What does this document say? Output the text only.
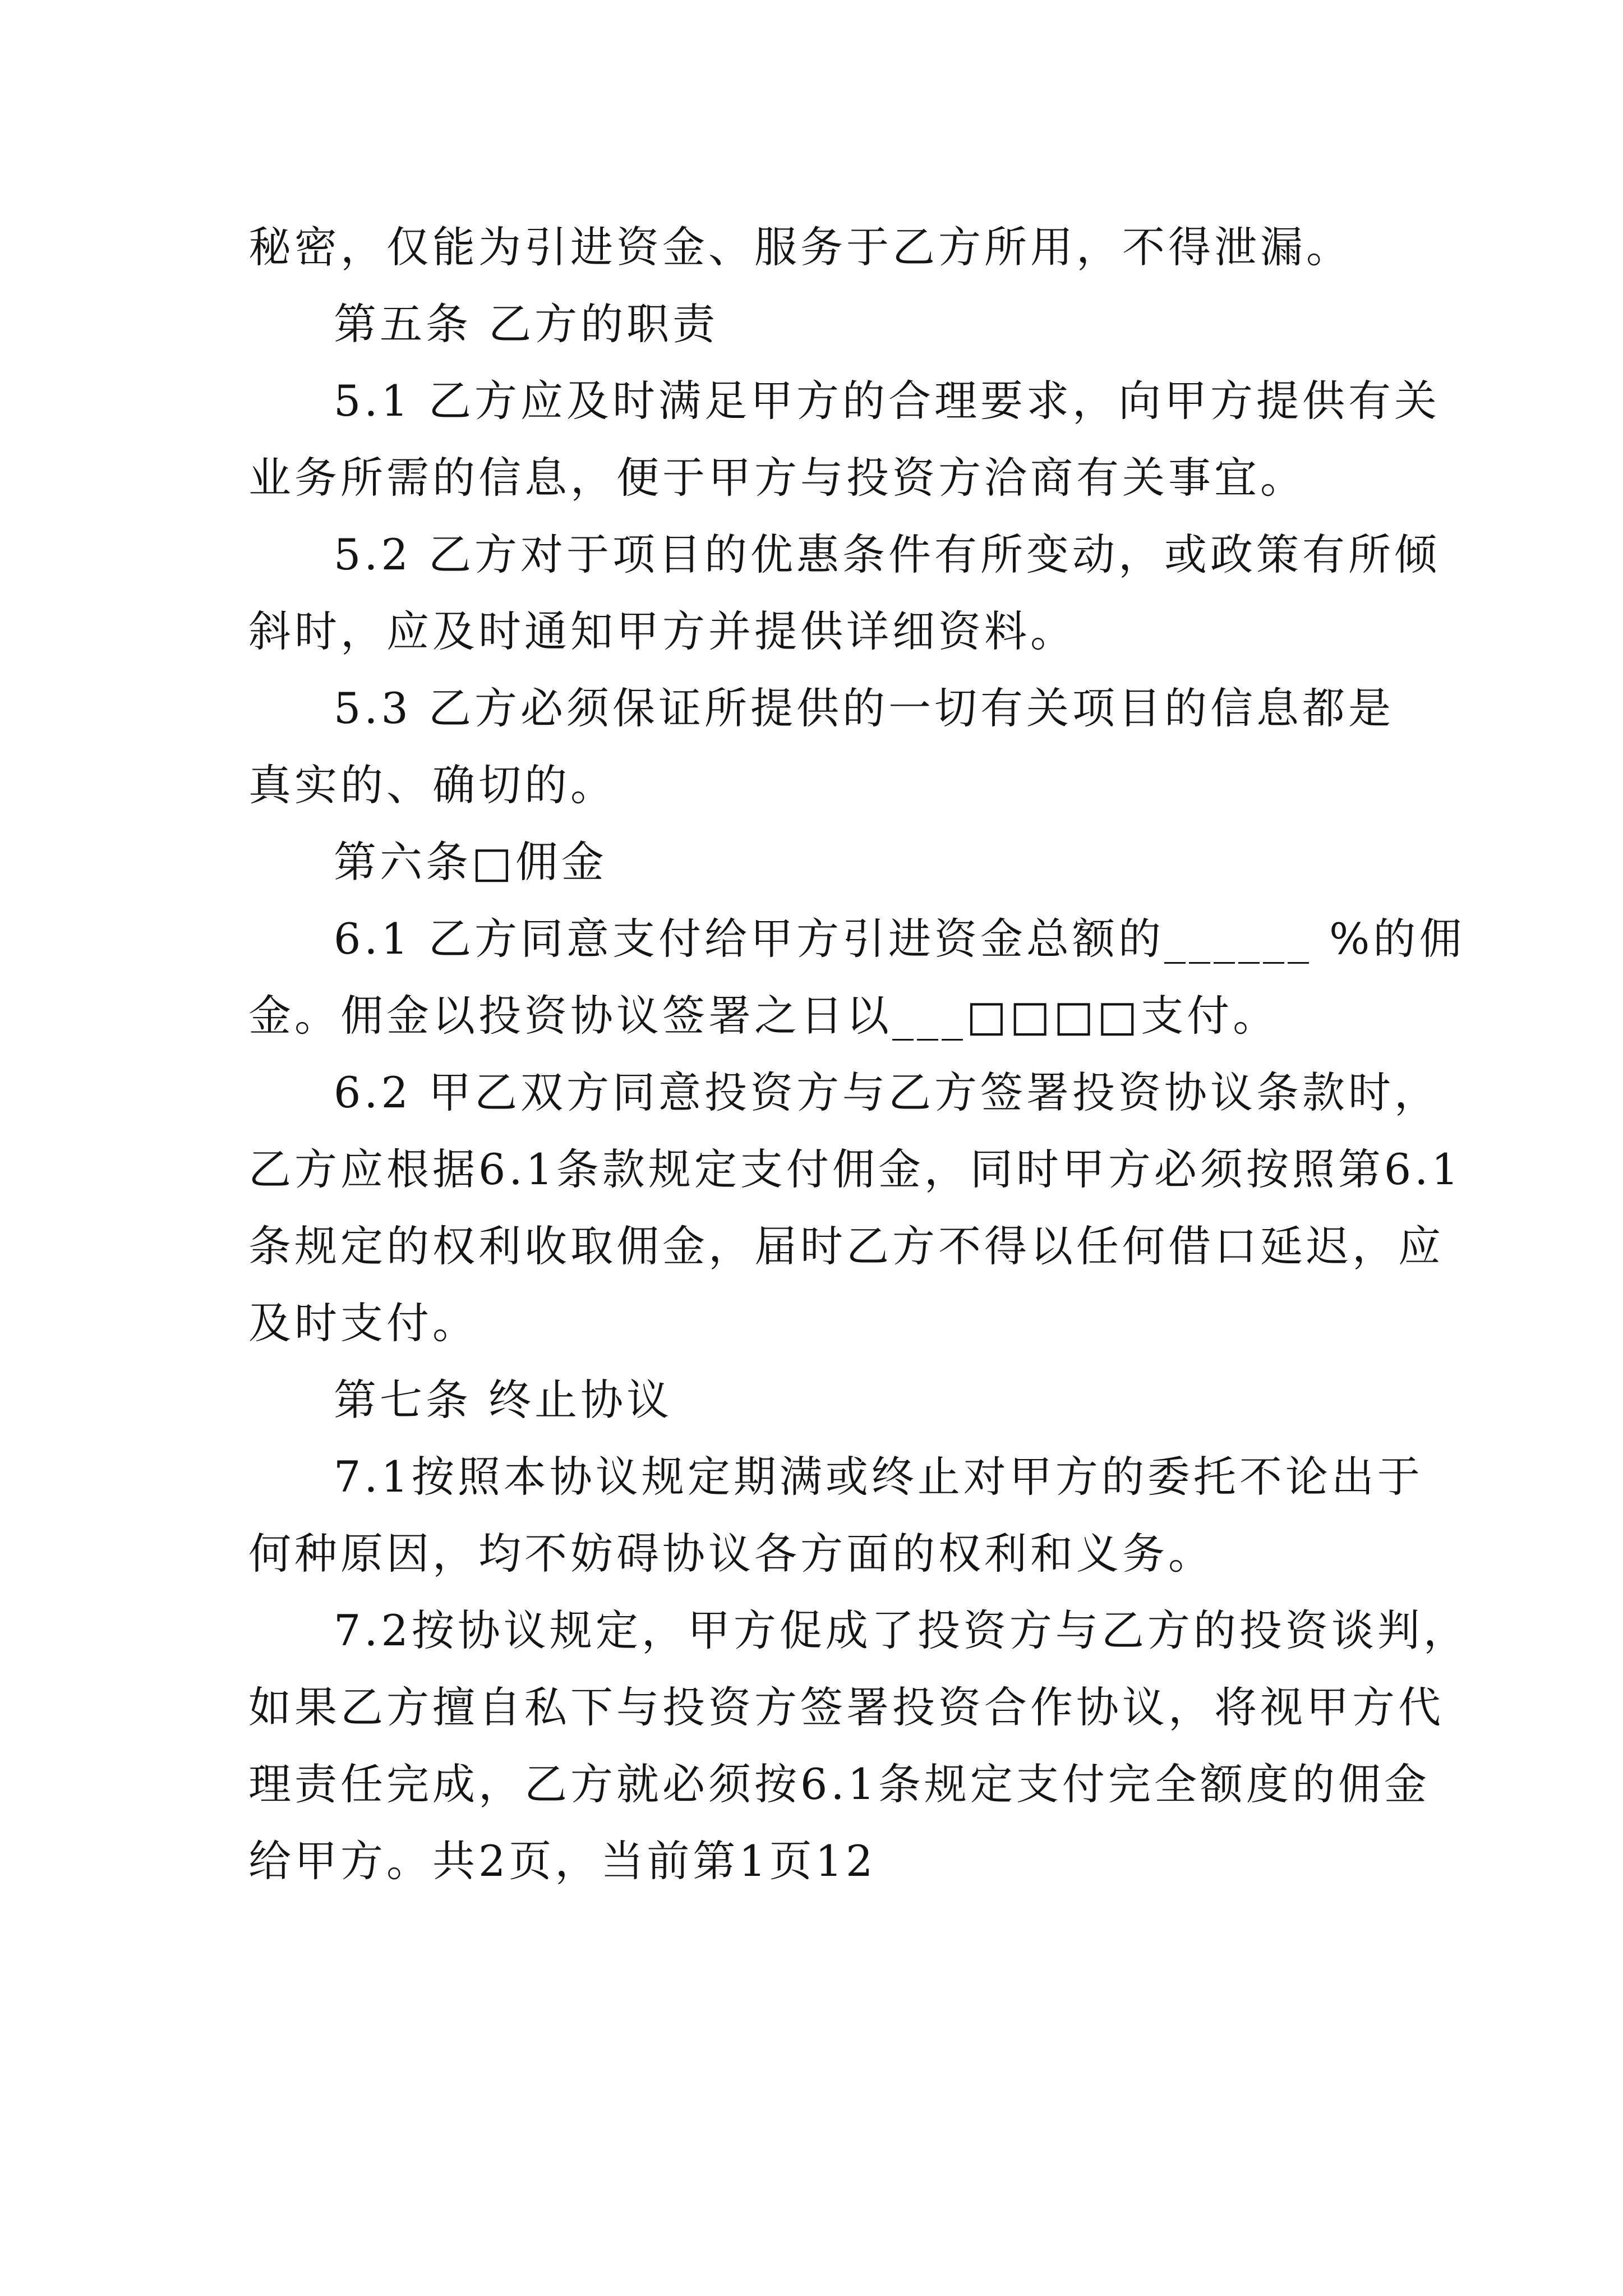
秘密，仅能为引进资金、服务于乙方所用，不得泄漏。
第五条 乙方的职责
5.1 乙方应及时满足甲方的合理要求，向甲方提供有关
业务所需的信息，便于甲方与投资方洽商有关事宜。
5.2 乙方对于项目的优惠条件有所变动，或政策有所倾
斜时，应及时通知甲方并提供详细资料。
5.3 乙方必须保证所提供的一切有关项目的信息都是
真实的、确切的。
第六条□佣金
6.1 乙方同意支付给甲方引进资金总额的______ %的佣
金。佣金以投资协议签署之日以___□□□□支付。
6.2 甲乙双方同意投资方与乙方签署投资协议条款时，
乙方应根据6.1条款规定支付佣金，同时甲方必须按照第6.1
条规定的权利收取佣金，届时乙方不得以任何借口延迟，应
及时支付。
第七条 终止协议
7.1按照本协议规定期满或终止对甲方的委托不论出于
何种原因，均不妨碍协议各方面的权利和义务。
7.2按协议规定，甲方促成了投资方与乙方的投资谈判，
如果乙方擅自私下与投资方签署投资合作协议，将视甲方代
理责任完成，乙方就必须按6.1条规定支付完全额度的佣金
给甲方。共2页，当前第1页12
